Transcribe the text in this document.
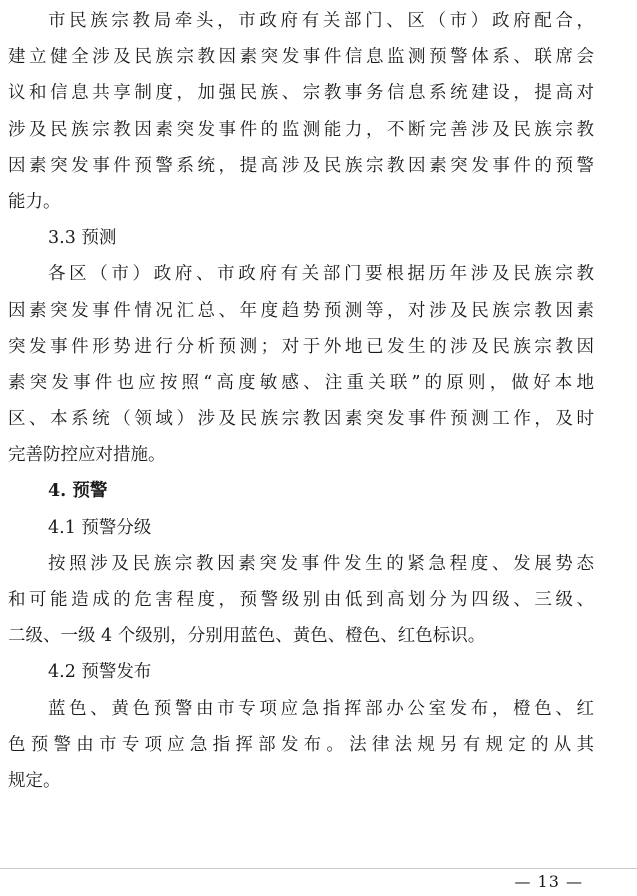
市民族宗教局牵头，市政府有关部门、区（市）政府配合，
建立健全涉及民族宗教因素突发事件信息监测预警体系、联席会
议和信息共享制度，加强民族、宗教事务信息系统建设，提高对
涉及民族宗教因素突发事件的监测能力，不断完善涉及民族宗教
因素突发事件预警系统，提高涉及民族宗教因素突发事件的预警
能力。
3.3 预测
各区（市）政府、市政府有关部门要根据历年涉及民族宗教
因素突发事件情况汇总、年度趋势预测等，对涉及民族宗教因素
突发事件形势进行分析预测；对于外地已发生的涉及民族宗教因
素突发事件也应按照“高度敏感、注重关联”的原则，做好本地
区、本系统（领域）涉及民族宗教因素突发事件预测工作，及时
完善防控应对措施。
4. 预警
4.1 预警分级
按照涉及民族宗教因素突发事件发生的紧急程度、发展势态
和可能造成的危害程度，预警级别由低到高划分为四级、三级、
二级、一级 4 个级别，分别用蓝色、黄色、橙色、红色标识。
4.2 预警发布
蓝色、黄色预警由市专项应急指挥部办公室发布，橙色、红
色预警由市专项应急指挥部发布。法律法规另有规定的从其
规定。
— 13 —
